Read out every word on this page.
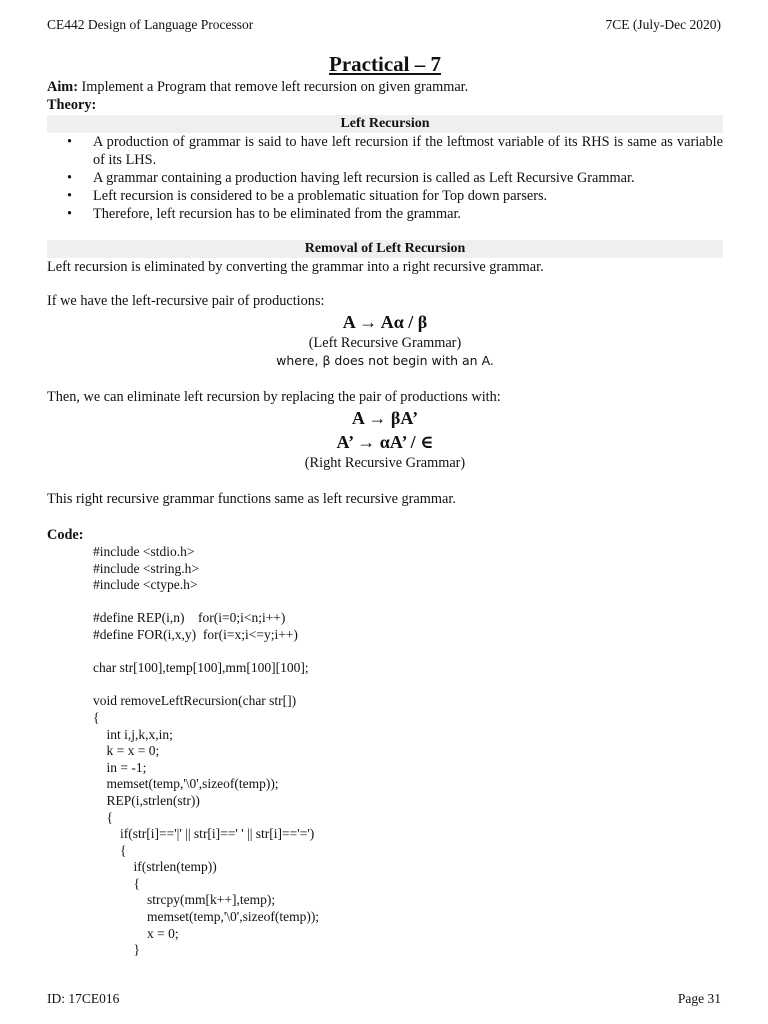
CE442 Design of Language Processor	7CE (July-Dec 2020)
Practical – 7
Aim: Implement a Program that remove left recursion on given grammar.
Theory:
Left Recursion
• A production of grammar is said to have left recursion if the leftmost variable of its RHS is same as variable of its LHS.
• A grammar containing a production having left recursion is called as Left Recursive Grammar.
• Left recursion is considered to be a problematic situation for Top down parsers.
• Therefore, left recursion has to be eliminated from the grammar.
Removal of Left Recursion
Left recursion is eliminated by converting the grammar into a right recursive grammar.
If we have the left-recursive pair of productions:
A → Aα / β
(Left Recursive Grammar)
where, β does not begin with an A.
Then, we can eliminate left recursion by replacing the pair of productions with:
A → βA’
A’ → αA’ / ∈
(Right Recursive Grammar)
This right recursive grammar functions same as left recursive grammar.
Code:
#include <stdio.h>
#include <string.h>
#include <ctype.h>
#define REP(i,n)    for(i=0;i<n;i++)
#define FOR(i,x,y)  for(i=x;i<=y;i++)
char str[100],temp[100],mm[100][100];
void removeLeftRecursion(char str[])
{
int i,j,k,x,in;
k = x = 0;
in = -1;
memset(temp,'\0',sizeof(temp));
REP(i,strlen(str))
{
if(str[i]=='|' || str[i]==' ' || str[i]=='=')
{
if(strlen(temp))
{
strcpy(mm[k++],temp);
memset(temp,'\0',sizeof(temp));
x = 0;
}
ID: 17CE016	Page 31
